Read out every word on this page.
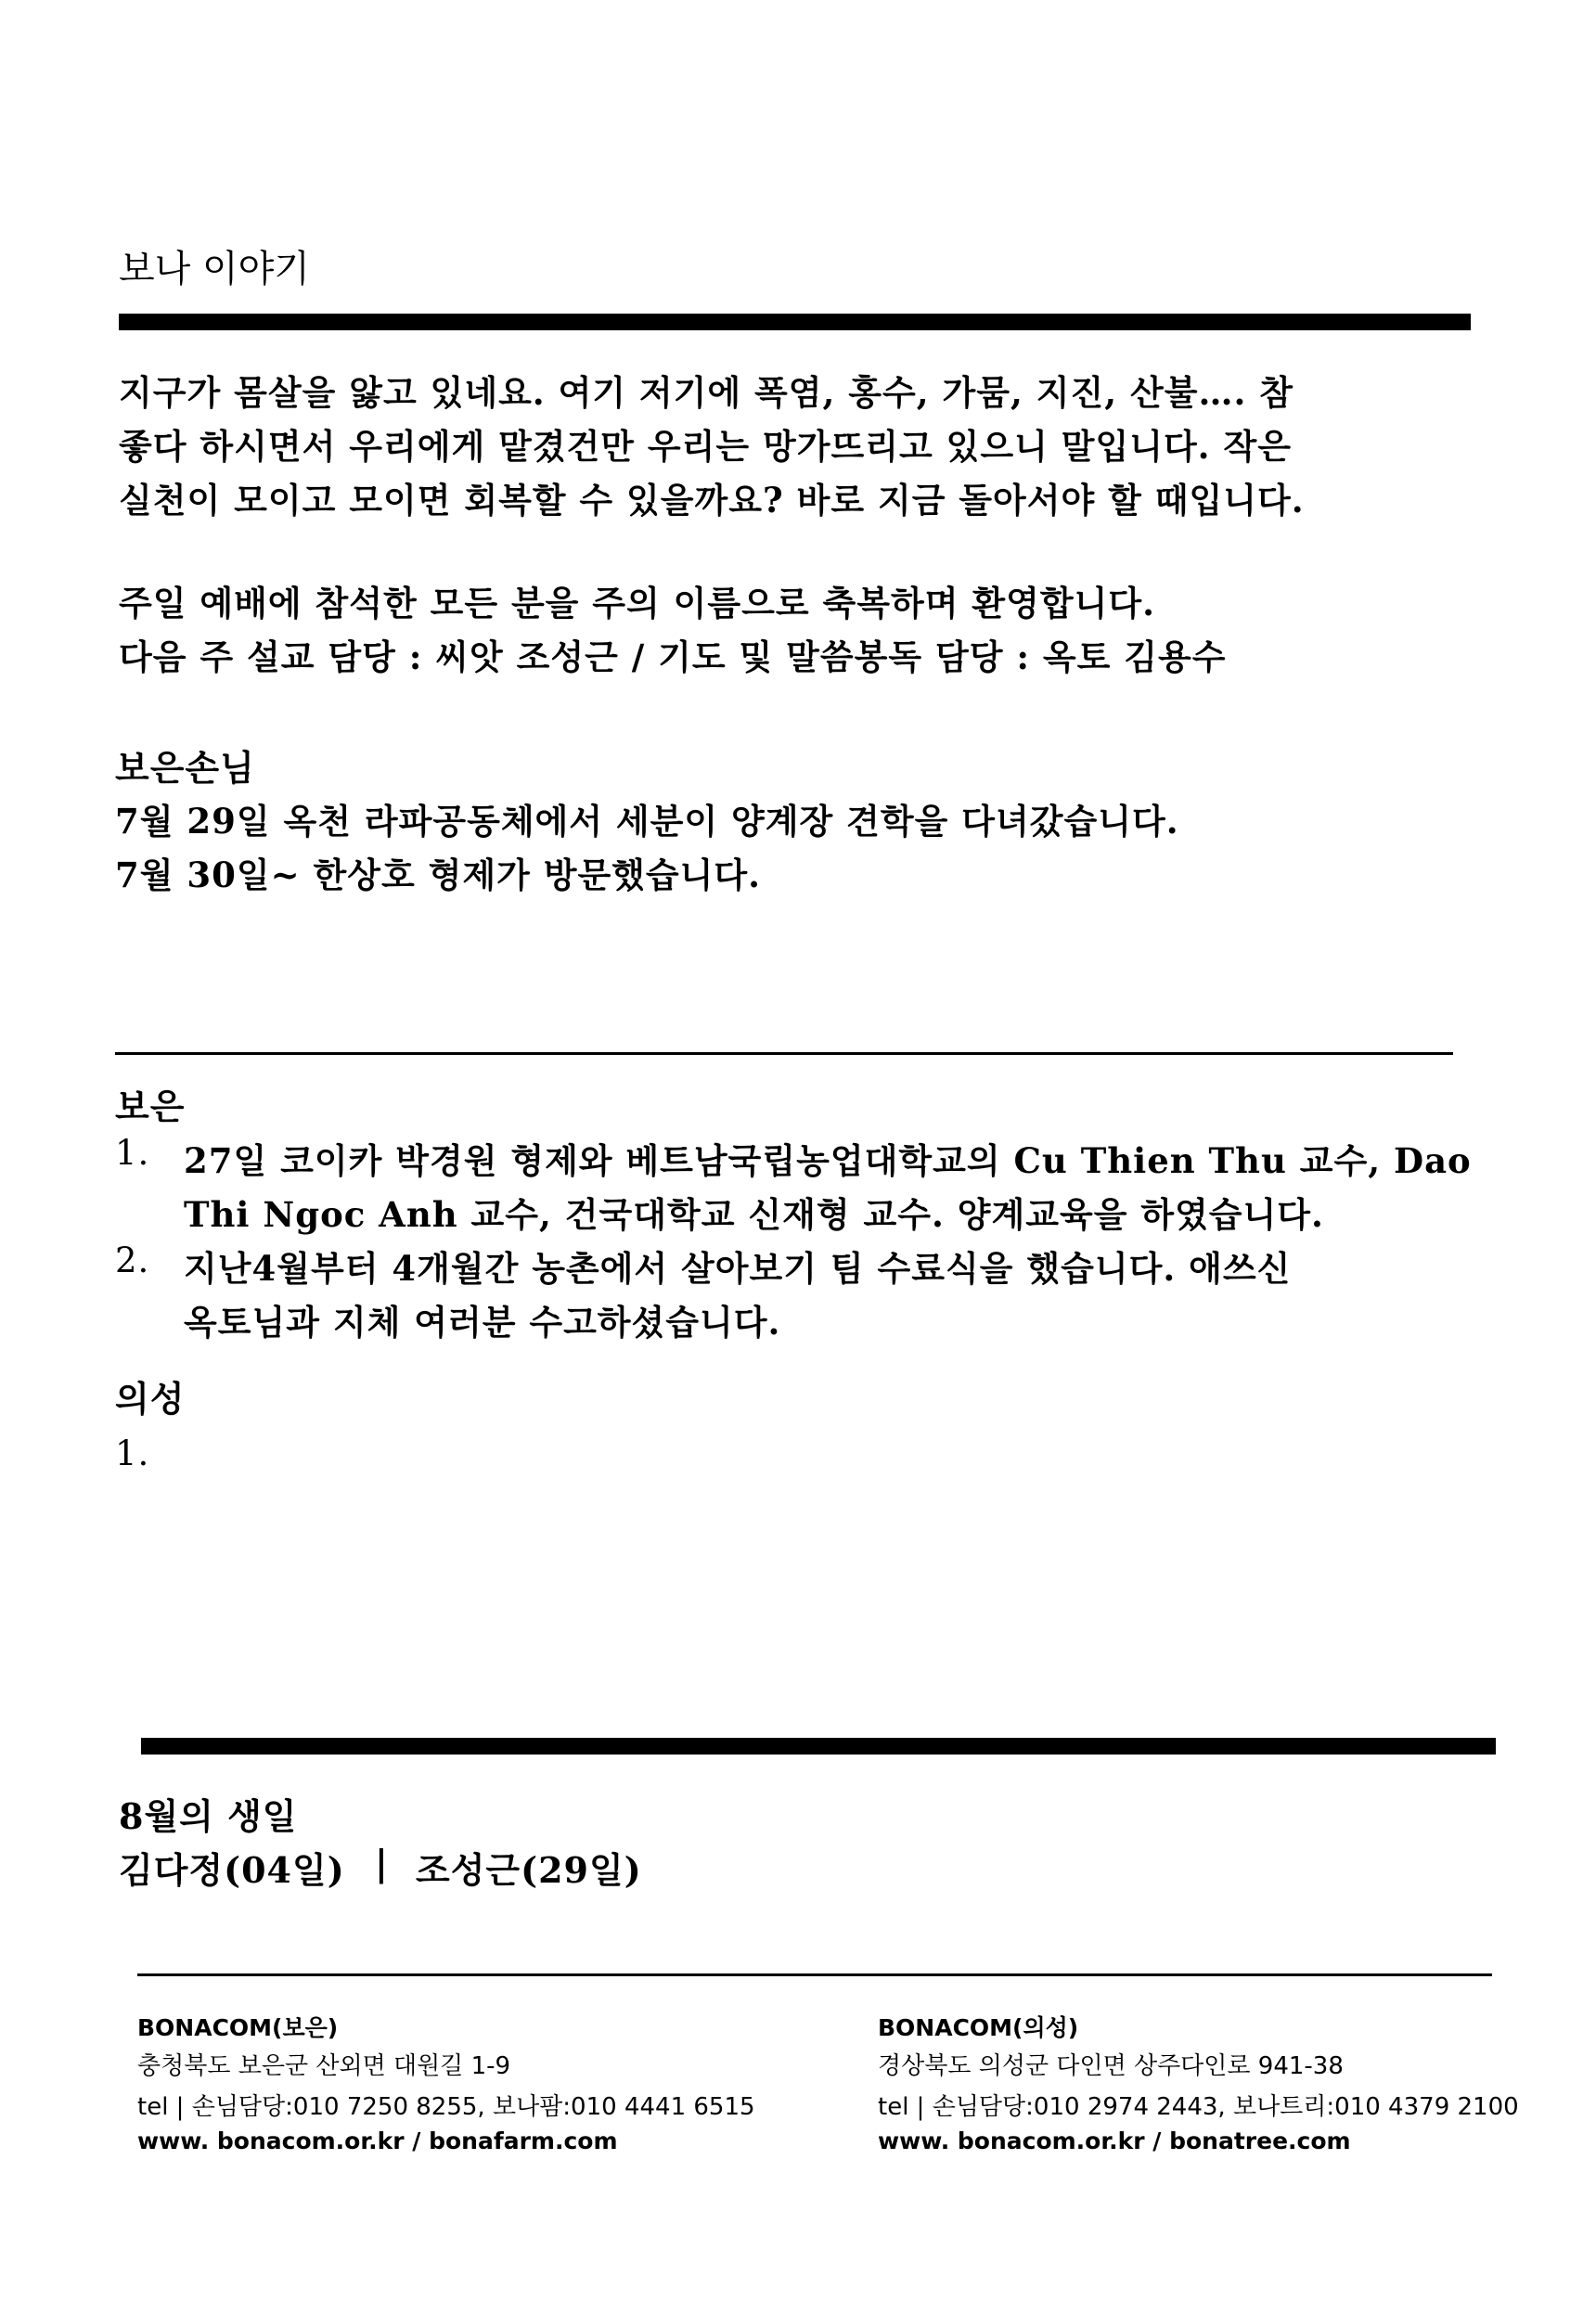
보나 이야기
지구가 몸살을 앓고 있네요. 여기 저기에 폭염, 홍수, 가뭄, 지진, 산불…. 참
좋다 하시면서 우리에게 맡겼건만 우리는 망가뜨리고 있으니 말입니다. 작은
실천이 모이고 모이면 회복할 수 있을까요? 바로 지금 돌아서야 할 때입니다.
주일 예배에 참석한 모든 분을 주의 이름으로 축복하며 환영합니다.
다음 주 설교 담당 : 씨앗 조성근 / 기도 및 말씀봉독 담당 : 옥토 김용수
보은손님
7월 29일 옥천 라파공동체에서 세분이 양계장 견학을 다녀갔습니다.
7월 30일~ 한상호 형제가 방문했습니다.
보은
1. 27일 코이카 박경원 형제와 베트남국립농업대학교의 Cu Thien Thu 교수, Dao
Thi Ngoc Anh 교수, 건국대학교 신재형 교수. 양계교육을 하였습니다.
2. 지난4월부터 4개월간 농촌에서 살아보기 팀 수료식을 했습니다. 애쓰신
옥토님과 지체 여러분 수고하셨습니다.
의성
1.
8월의 생일
김다정(04일) | 조성근(29일)
BONACOM(보은)
충청북도 보은군 산외면 대원길 1-9
tel | 손님담당:010 7250 8255, 보나팜:010 4441 6515
www. bonacom.or.kr / bonafarm.com
BONACOM(의성)
경상북도 의성군 다인면 상주다인로 941-38
tel | 손님담당:010 2974 2443, 보나트리:010 4379 2100
www. bonacom.or.kr / bonatree.com
